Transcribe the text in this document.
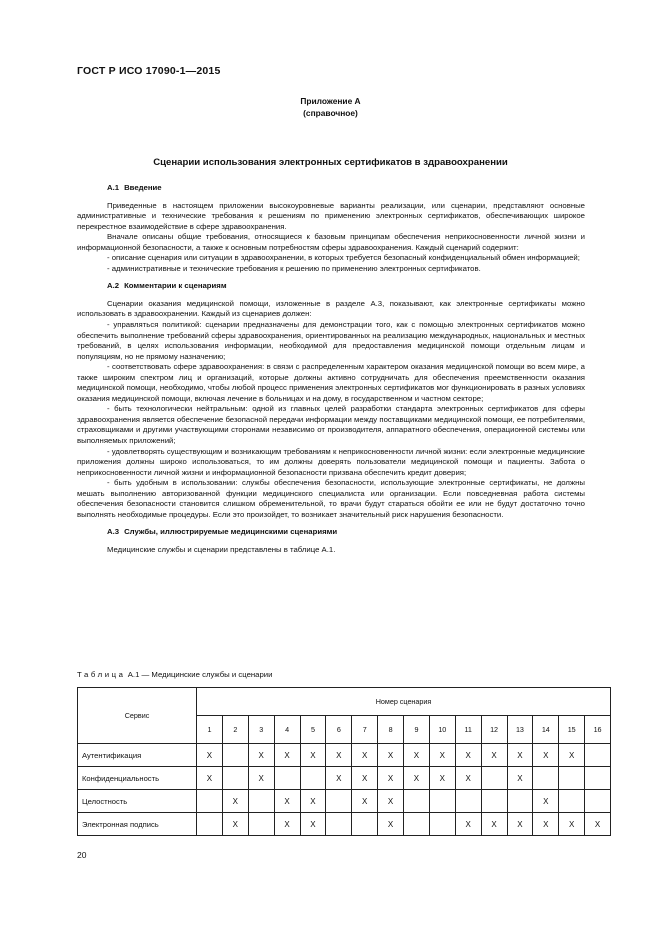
ГОСТ Р ИСО 17090-1—2015
Приложение А
(справочное)
Сценарии использования электронных сертификатов в здравоохранении
А.1 Введение

Приведенные в настоящем приложении высокоуровневые варианты реализации, или сценарии, представляют основные административные и технические требования к решениям по применению электронных сертификатов, обеспечивающих широкое перекрестное взаимодействие в сфере здравоохранения.

Вначале описаны общие требования, относящиеся к базовым принципам обеспечения неприкосновенности личной жизни и информационной безопасности, а также к основным потребностям сферы здравоохранения. Каждый сценарий содержит:

- описание сценария или ситуации в здравоохранении, в которых требуется безопасный конфиденциальный обмен информацией;

- административные и технические требования к решению по применению электронных сертификатов.

А.2 Комментарии к сценариям

Сценарии оказания медицинской помощи, изложенные в разделе А.3, показывают, как электронные сертификаты можно использовать в здравоохранении. Каждый из сценариев должен:

- управляться политикой: сценарии предназначены для демонстрации того, как с помощью электронных сертификатов можно обеспечить выполнение требований сферы здравоохранения, ориентированных на реализацию международных, национальных и местных требований, в целях использования информации, необходимой для предоставления медицинской помощи отдельным лицам и популяциям, но не прямому назначению;

- соответствовать сфере здравоохранения: в связи с распределенным характером оказания медицинской помощи во всем мире, а также широким спектром лиц и организаций, которые должны активно сотрудничать для обеспечения преемственности оказания медицинской помощи, необходимо, чтобы любой процесс применения электронных сертификатов мог функционировать в разных условиях оказания медицинской помощи, включая лечение в больницах и на дому, в государственном и частном секторе;

- быть технологически нейтральным: одной из главных целей разработки стандарта электронных сертификатов для сферы здравоохранения является обеспечение безопасной передачи информации между поставщиками медицинской помощи, ее потребителями, страховщиками и другими участвующими сторонами независимо от производителя, аппаратного обеспечения, операционной системы или выполняемых приложений;

- удовлетворять существующим и возникающим требованиям к неприкосновенности личной жизни: если электронные медицинские приложения должны широко использоваться, то им должны доверять пользователи медицинской помощи и пациенты. Забота о неприкосновенности личной жизни и информационной безопасности призвана обеспечить кредит доверия;

- быть удобным в использовании: службы обеспечения безопасности, использующие электронные сертификаты, не должны мешать выполнению авторизованной функции медицинского специалиста или организации. Если повседневная работа системы обеспечения безопасности становится слишком обременительной, то врачи будут стараться обойти ее или не будут достаточно точно выполнять необходимые процедуры. Если это произойдет, то возникает значительный риск нарушения безопасности.

А.3 Службы, иллюстрируемые медицинскими сценариями

Медицинские службы и сценарии представлены в таблице А.1.

Таблица А.1 — Медицинские службы и сценарии
Сервис	Номер сценария															
	1	2	3	4	5	6	7	8	9	10	11	12	13	14	15	16
Аутентификация	X		X	X	X	X	X	X	X	X	X	X	X	X	X	
Конфиденциальность	X		X			X	X	X	X	X	X		X			
Целостность		X		X	X		X	X						X		
Электронная подпись		X		X	X			X			X	X	X	X	X	X
20
